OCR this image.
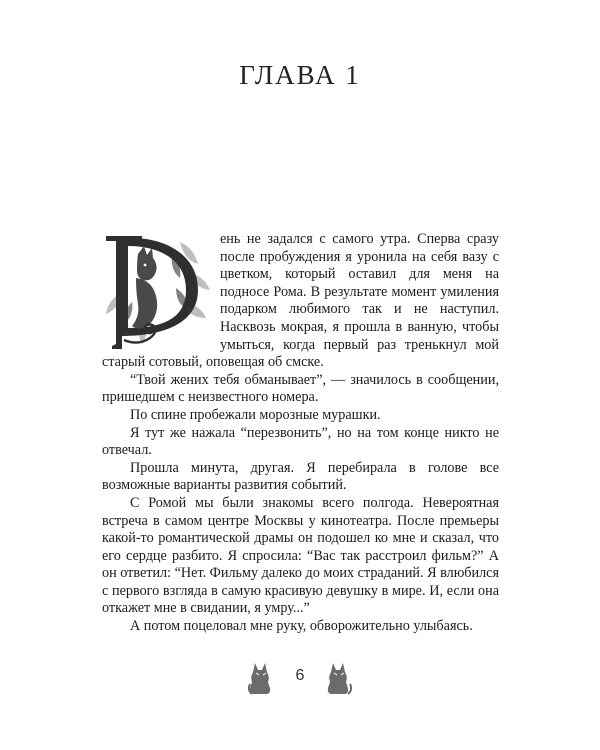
ГЛАВА 1

ень не задался с самого утра. Сперва сразу после пробуждения я уронила на себя вазу с цветком, который оставил для меня на подносе Рома. В результате момент умиления подарком любимого так и не наступил. Насквозь мокрая, я прошла в ванную, чтобы умыться, когда первый раз тренькнул мой старый сотовый, оповещая об смске.

“Твой жених тебя обманывает”, — значилось в сообщении, пришедшем с неизвестного номера.

По спине пробежали морозные мурашки.

Я тут же нажала “перезвонить”, но на том конце никто не отвечал.

Прошла минута, другая. Я перебирала в голове все возможные варианты развития событий.

С Ромой мы были знакомы всего полгода. Невероятная встреча в самом центре Москвы у кинотеатра. После премьеры какой-то романтической драмы он подошел ко мне и сказал, что его сердце разбито. Я спросила: “Вас так расстроил фильм?” А он ответил: “Нет. Фильму далеко до моих страданий. Я влюбился с первого взгляда в самую красивую девушку в мире. И, если она откажет мне в свидании, я умру...”

А потом поцеловал мне руку, обворожительно улыбаясь.

6
